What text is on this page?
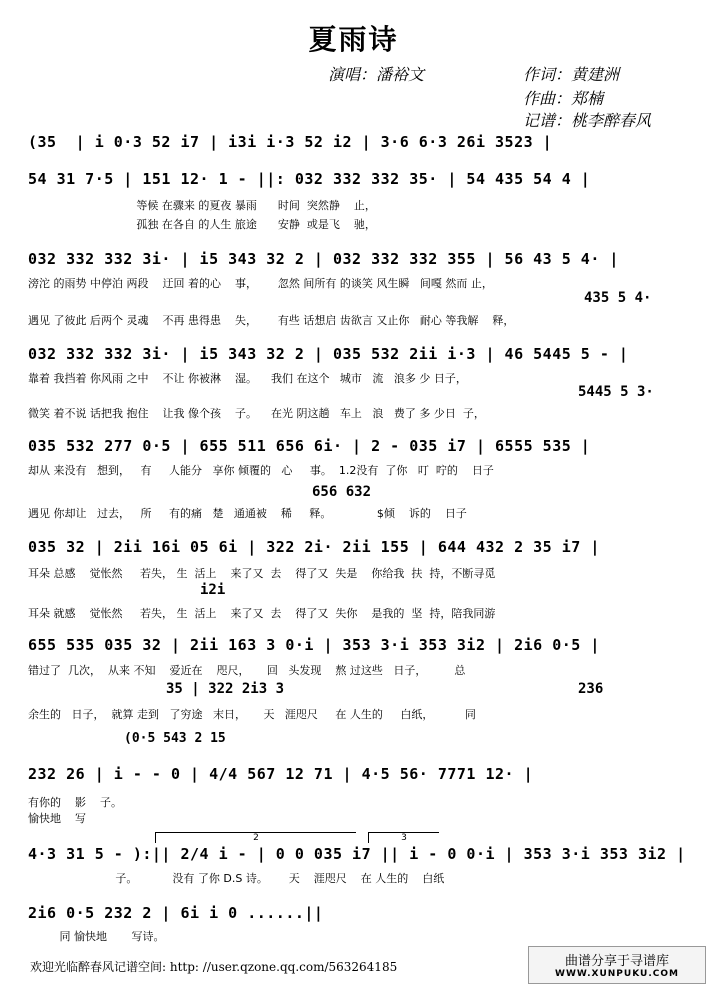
夏雨诗
演唱：潘裕文	作词：黄建洲
作曲：郑楠
记谱：桃李醉春风
(35  | i 0·3 52 i7 | i3i i·3 52 i2 | 3·6 6·3 26i 3523 |
54 31 7·5 | 151 12· 1 - ||: 032 332 332 35· | 54 435 54 4 |
等候 在骤来 的夏夜 暴雨      时间  突然静    止，
孤独 在各自 的人生 旅途      安静  或是飞    驰，
032 332 332 3i· | i5 343 32 2 | 032 332 332 355 | 56 43 5 4· |
滂沱 的雨势 中停泊 两段    迂回 着的心    事，      忽然 间所有 的谈笑 风生瞬   间嘎 然而 止，
435 5 4·
遇见 了彼此 后两个 灵魂    不再 患得患    失，      有些 话想启 齿欲言 又止你   耐心 等我解    释，
032 332 332 3i· | i5 343 32 2 | 035 532 2ii i·3 | 46 5445 5 - |
靠着 我挡着 你风雨 之中    不让 你被淋    湿。    我们 在这个   城市   流   浪多 少 日子，
5445 5 3·
微笑 着不说 话把我 抱住    让我 像个孩    子。    在光 阴这趟   车上   浪   费了 多 少日  子，
035 532 277 0·5 | 655 511 656 6i· | 2 - 035 i7 | 6555 535 |
却从 来没有   想到，   有     人能分   享你 倾覆的   心     事。  1.2没有  了你   叮  咛的    日子
656 632
遇见 你却让   过去，   所     有的痛   楚   通通被    稀     释。             $倾    诉的    日子
035 32 | 2ii 16i 05 6i | 322 2i· 2ii 155 | 644 432 2 35 i7 |
耳朵 总感    觉怅然     若失， 生  活上    来了又  去    得了又  失是    你给我  扶  持，不断寻觅
i2i
耳朵 就感    觉怅然     若失， 生  活上    来了又  去    得了又  失你    是我的  坚  持，陪我同游
655 535 035 32 | 2ii 163 3 0·i | 353 3·i 353 3i2 | 2i6 0·5 |
错过了  几次，  从来 不知    爱近在    咫尺，     回   头发现    熬 过这些   日子，        总
35 | 322 2i3 3	236
余生的   日子，  就算 走到   了穷途   末日，     天   涯咫尺     在 人生的     白纸，         同
(0·5 543 2 15
232 26 | i - - 0 | 4/4 567 12 71 | 4·5 56· 7771 12· |
有你的    影    子。
愉快地    写
2	3
4·3 31 5 - ):|| 2/4 i - | 0 0 035 i7 || i - 0 0·i | 353 3·i 353 3i2 |
子。          没有 了你 D.S 诗。      天    涯咫尺    在 人生的    白纸
2i6 0·5 232 2 | 6i i 0 ......||
同 愉快地       写诗。
欢迎光临醉春风记谱空间: http: //user.qzone.qq.com/563264185	曲谱分享于寻谱库
WWW.XUNPUKU.COM
